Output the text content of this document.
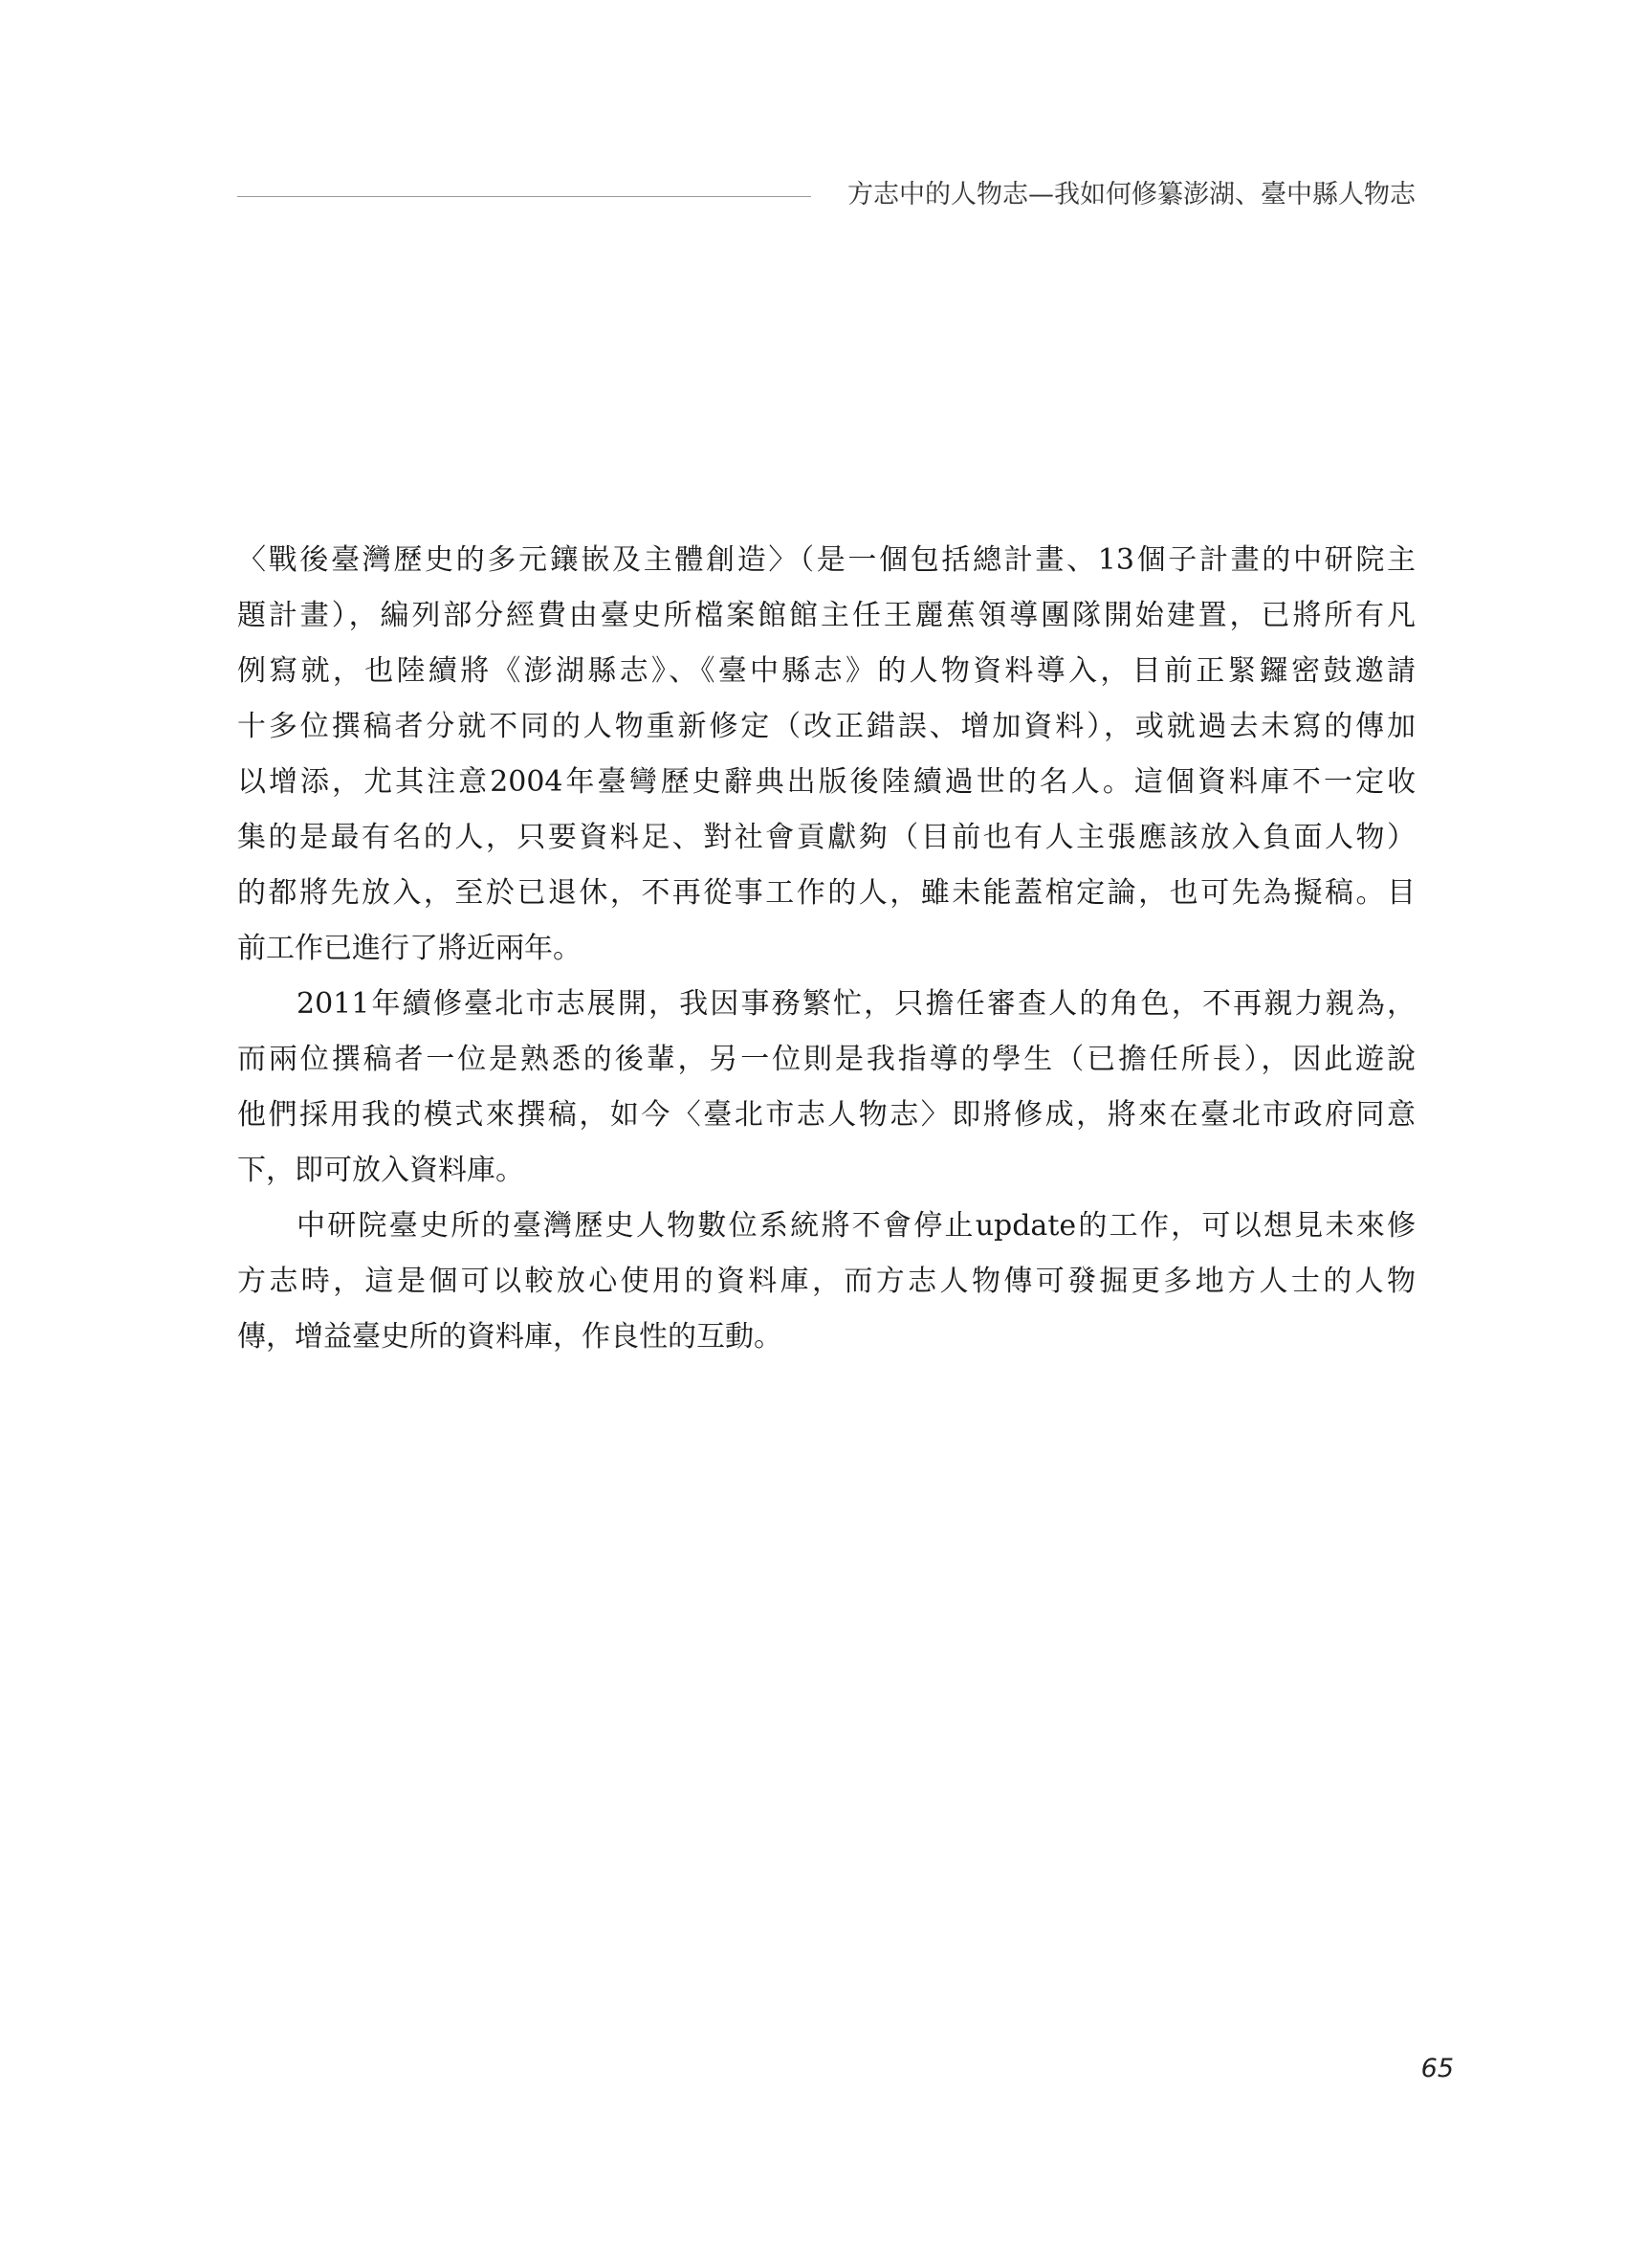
方志中的人物志—我如何修纂澎湖、臺中縣人物志
〈戰後臺灣歷史的多元鑲嵌及主體創造〉（是一個包括總計畫、13個子計畫的中研院主
題計畫），編列部分經費由臺史所檔案館館主任王麗蕉領導團隊開始建置，已將所有凡
例寫就，也陸續將《澎湖縣志》、《臺中縣志》的人物資料導入，目前正緊鑼密鼓邀請
十多位撰稿者分就不同的人物重新修定（改正錯誤、增加資料），或就過去未寫的傳加
以增添，尤其注意2004年臺彎歷史辭典出版後陸續過世的名人。這個資料庫不一定收
集的是最有名的人，只要資料足、對社會貢獻夠（目前也有人主張應該放入負面人物）
的都將先放入，至於已退休，不再從事工作的人，雖未能蓋棺定論，也可先為擬稿。目
前工作已進行了將近兩年。
2011年續修臺北市志展開，我因事務繁忙，只擔任審查人的角色，不再親力親為，
而兩位撰稿者一位是熟悉的後輩，另一位則是我指導的學生（已擔任所長），因此遊說
他們採用我的模式來撰稿，如今〈臺北市志人物志〉即將修成，將來在臺北市政府同意
下，即可放入資料庫。
中研院臺史所的臺灣歷史人物數位系統將不會停止update的工作，可以想見未來修
方志時，這是個可以較放心使用的資料庫，而方志人物傳可發掘更多地方人士的人物
傳，增益臺史所的資料庫，作良性的互動。
65
